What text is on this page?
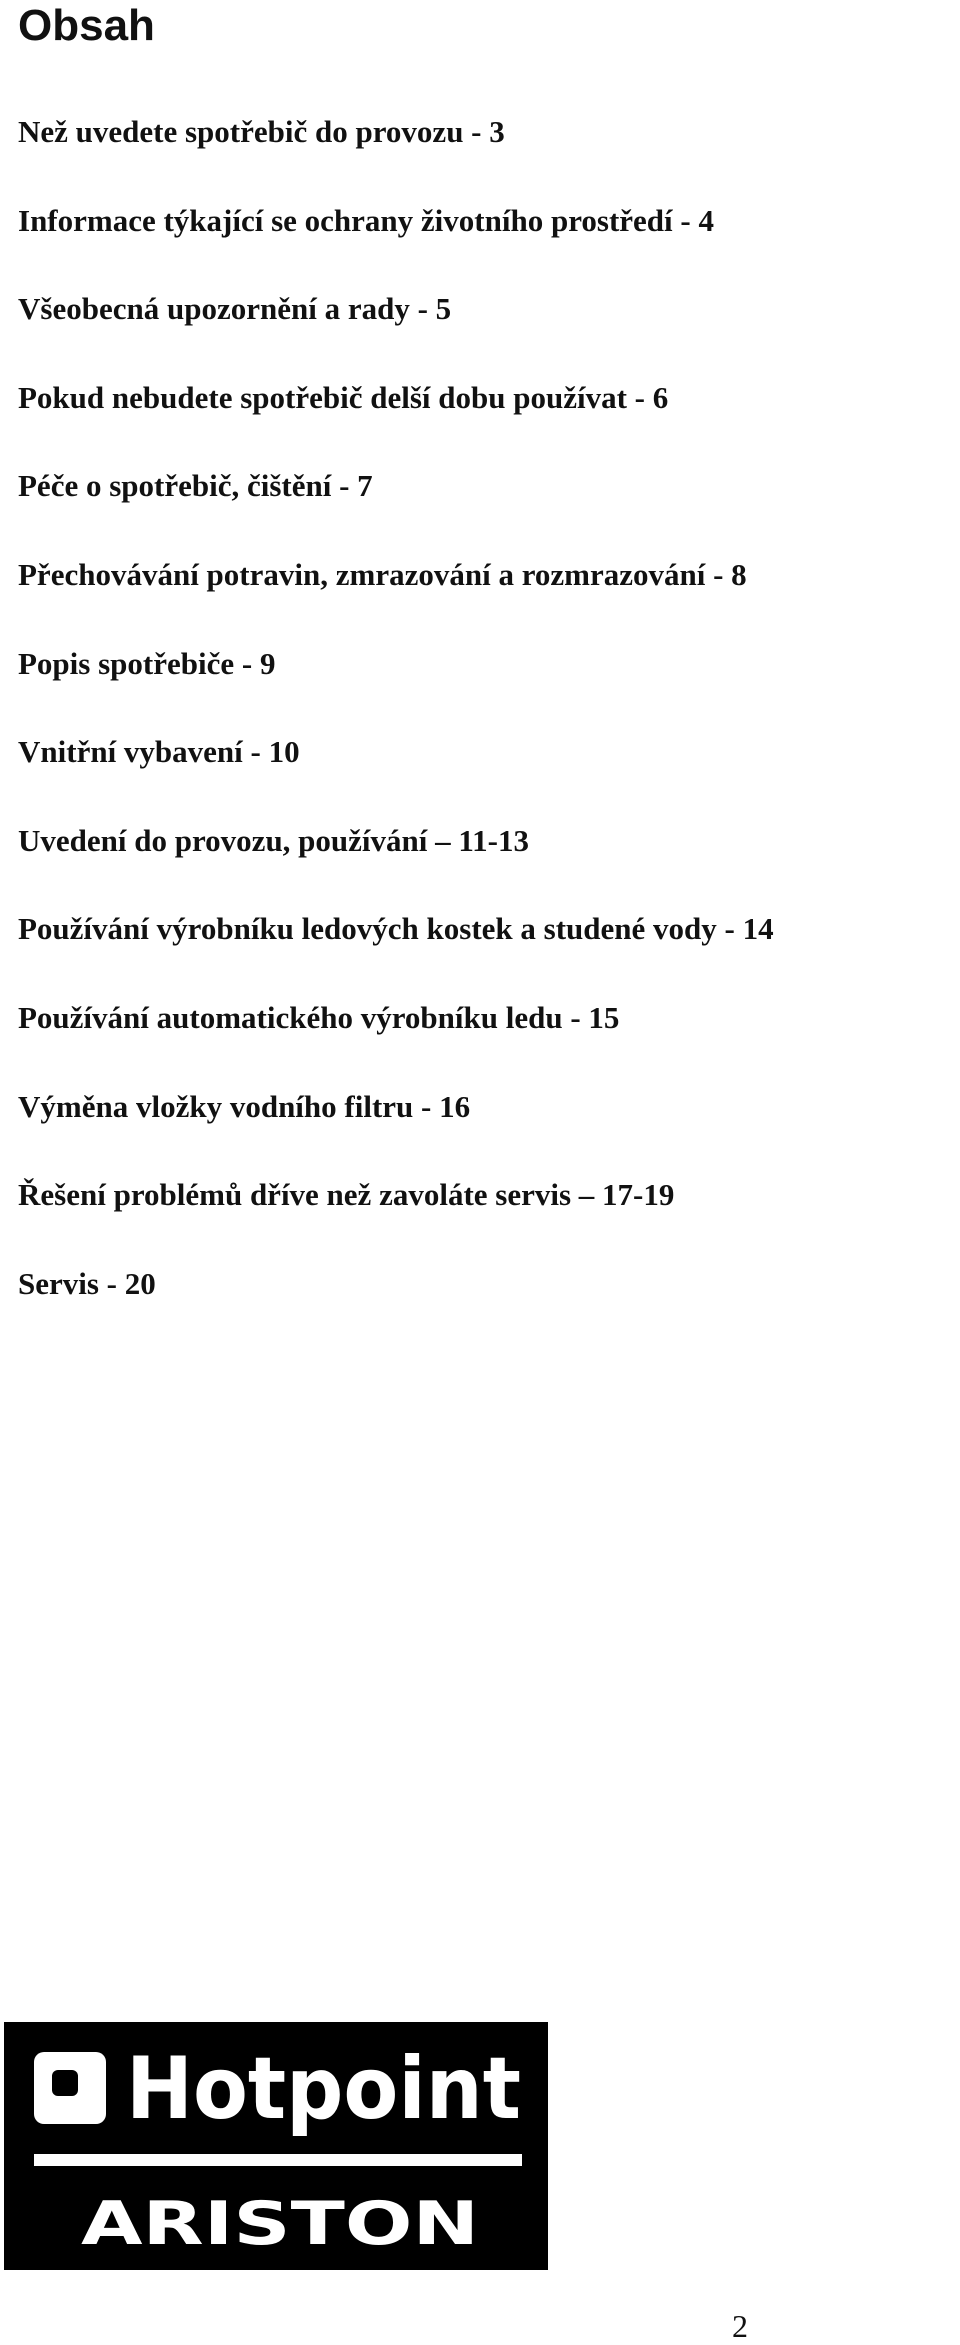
Obsah
Než uvedete spotřebič do provozu - 3
Informace týkající se ochrany životního prostředí - 4
Všeobecná upozornění a rady - 5
Pokud nebudete spotřebič delší dobu používat - 6
Péče o spotřebič, čištění - 7
Přechovávání potravin, zmrazování a rozmrazování - 8
Popis spotřebiče - 9
Vnitřní vybavení - 10
Uvedení do provozu, používání – 11-13
Používání výrobníku ledových kostek a studené vody - 14
Používání automatického výrobníku ledu - 15
Výměna vložky vodního filtru - 16
Řešení problémů dříve než zavoláte servis – 17-19
Servis - 20
Hotpoint
ARISTON
2
